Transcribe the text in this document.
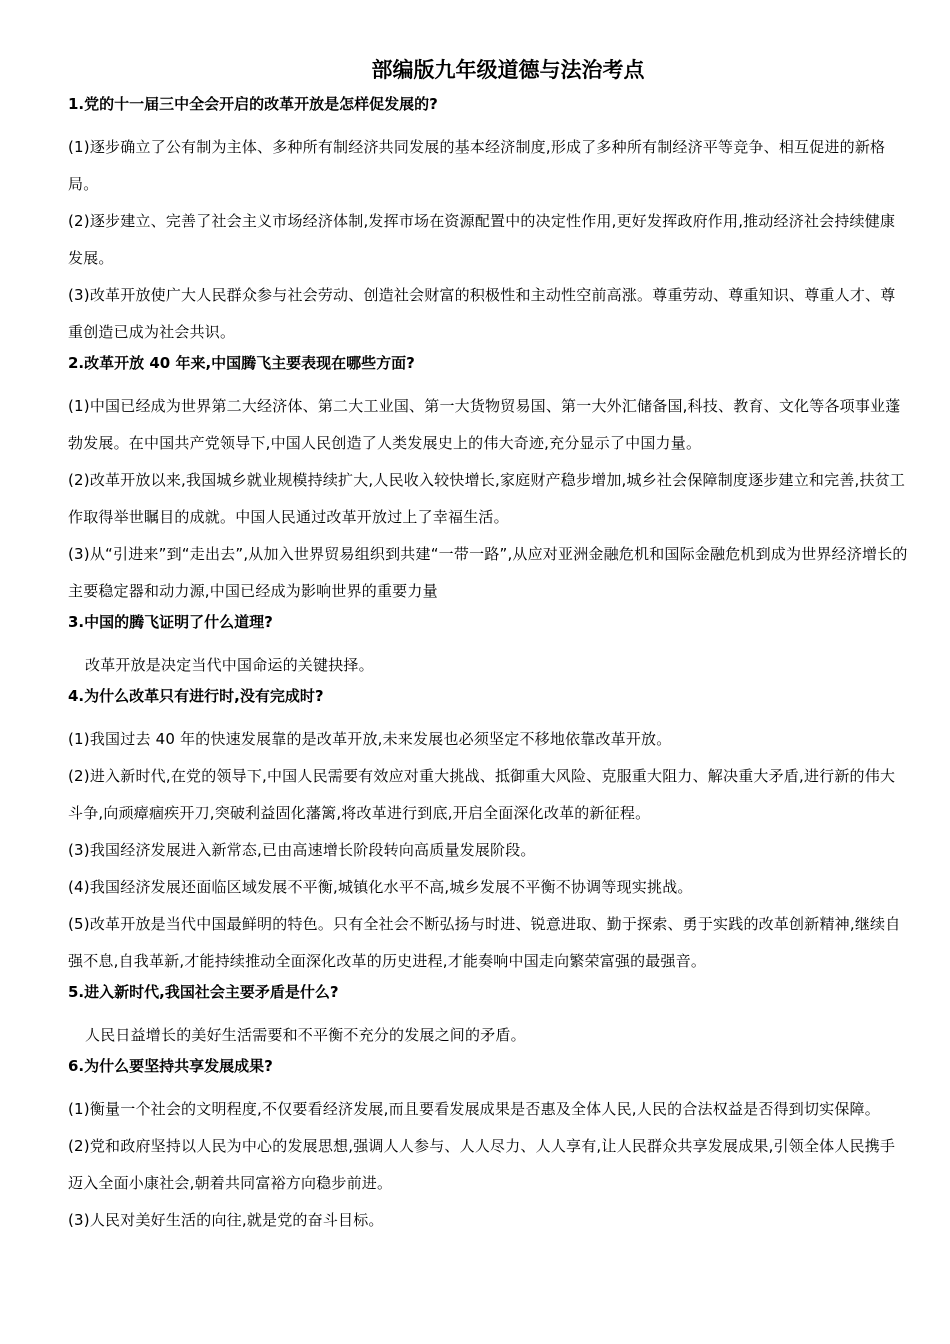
部编版九年级道德与法治考点
1.党的十一届三中全会开启的改革开放是怎样促发展的?
(1)逐步确立了公有制为主体、多种所有制经济共同发展的基本经济制度,形成了多种所有制经济平等竞争、相互促进的新格局。
(2)逐步建立、完善了社会主义市场经济体制,发挥市场在资源配置中的决定性作用,更好发挥政府作用,推动经济社会持续健康发展。
(3)改革开放使广大人民群众参与社会劳动、创造社会财富的积极性和主动性空前高涨。尊重劳动、尊重知识、尊重人才、尊重创造已成为社会共识。
2.改革开放 40 年来,中国腾飞主要表现在哪些方面?
(1)中国已经成为世界第二大经济体、第二大工业国、第一大货物贸易国、第一大外汇储备国,科技、教育、文化等各项事业蓬勃发展。在中国共产党领导下,中国人民创造了人类发展史上的伟大奇迹,充分显示了中国力量。
(2)改革开放以来,我国城乡就业规模持续扩大,人民收入较快增长,家庭财产稳步增加,城乡社会保障制度逐步建立和完善,扶贫工作取得举世瞩目的成就。中国人民通过改革开放过上了幸福生活。
(3)从“引进来”到“走出去”,从加入世界贸易组织到共建“一带一路”,从应对亚洲金融危机和国际金融危机到成为世界经济增长的主要稳定器和动力源,中国已经成为影响世界的重要力量
3.中国的腾飞证明了什么道理?
改革开放是决定当代中国命运的关键抉择。
4.为什么改革只有进行时,没有完成时?
(1)我国过去 40 年的快速发展靠的是改革开放,未来发展也必须坚定不移地依靠改革开放。
(2)进入新时代,在党的领导下,中国人民需要有效应对重大挑战、抵御重大风险、克服重大阻力、解决重大矛盾,进行新的伟大斗争,向顽瘴痼疾开刀,突破利益固化藩篱,将改革进行到底,开启全面深化改革的新征程。
(3)我国经济发展进入新常态,已由高速增长阶段转向高质量发展阶段。
(4)我国经济发展还面临区域发展不平衡,城镇化水平不高,城乡发展不平衡不协调等现实挑战。
(5)改革开放是当代中国最鲜明的特色。只有全社会不断弘扬与时进、锐意进取、勤于探索、勇于实践的改革创新精神,继续自强不息,自我革新,才能持续推动全面深化改革的历史进程,才能奏响中国走向繁荣富强的最强音。
5.进入新时代,我国社会主要矛盾是什么?
人民日益增长的美好生活需要和不平衡不充分的发展之间的矛盾。
6.为什么要坚持共享发展成果?
(1)衡量一个社会的文明程度,不仅要看经济发展,而且要看发展成果是否惠及全体人民,人民的合法权益是否得到切实保障。
(2)党和政府坚持以人民为中心的发展思想,强调人人参与、人人尽力、人人享有,让人民群众共享发展成果,引领全体人民携手迈入全面小康社会,朝着共同富裕方向稳步前进。
(3)人民对美好生活的向往,就是党的奋斗目标。
